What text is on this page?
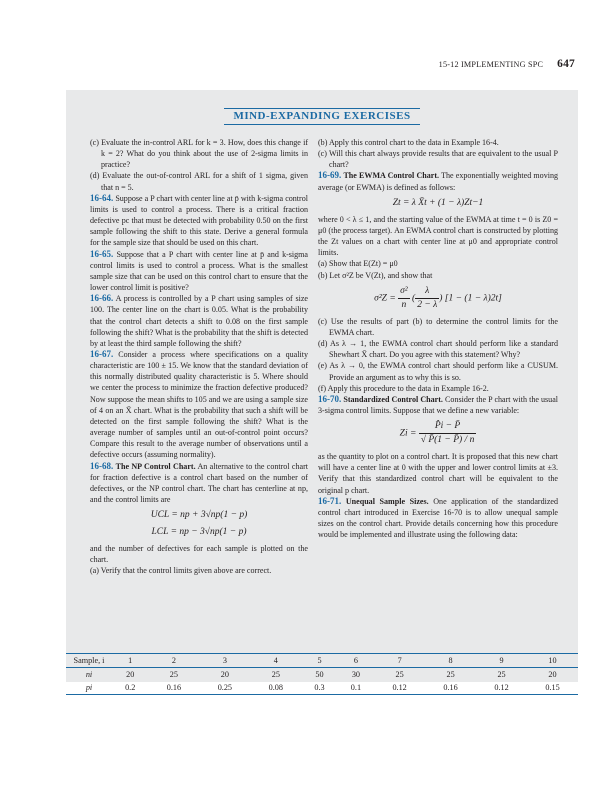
15-12 IMPLEMENTING SPC 647
MIND-EXPANDING EXERCISES

(c) Evaluate the in-control ARL for k = 3. How, does this change if k = 2? What do you think about the use of 2-sigma limits in practice?

(d) Evaluate the out-of-control ARL for a shift of 1 sigma, given that n = 5.

16-64. Suppose a P chart with center line at p̄ with k-sigma control limits is used to control a process. There is a critical fraction defective pc that must be detected with probability 0.50 on the first sample following the shift to this state. Derive a general formula for the sample size that should be used on this chart.

16-65. Suppose that a P chart with center line at p̄ and k-sigma control limits is used to control a process. What is the smallest sample size that can be used on this control chart to ensure that the lower control limit is positive?

16-66. A process is controlled by a P chart using samples of size 100. The center line on the chart is 0.05. What is the probability that the control chart detects a shift to 0.08 on the first sample following the shift? What is the probability that the shift is detected by at least the third sample following the shift?

16-67. Consider a process where specifications on a quality characteristic are 100 ± 15. We know that the standard deviation of this normally distributed quality characteristic is 5. Where should we center the process to minimize the fraction defective produced? Now suppose the mean shifts to 105 and we are using a sample size of 4 on an X̄ chart. What is the probability that such a shift will be detected on the first sample following the shift? What is the average number of samples until an out-of-control point occurs? Compare this result to the average number of observations until a defective occurs (assuming normality).

16-68. The NP Control Chart. An alternative to the control chart for fraction defective is a control chart based on the number of defectives, or the NP control chart. The chart has centerline at np, and the control limits are

UCL = np + 3√np(1 − p)
LCL = np − 3√np(1 − p)

and the number of defectives for each sample is plotted on the chart.

(a) Verify that the control limits given above are correct.

(b) Apply this control chart to the data in Example 16-4.

(c) Will this chart always provide results that are equivalent to the usual P chart?

16-69. The EWMA Control Chart. The exponentially weighted moving average (or EWMA) is defined as follows:

Zt = λ X̄t + (1 − λ)Zt−1

where 0 < λ ≤ 1, and the starting value of the EWMA at time t = 0 is Z0 = μ0 (the process target). An EWMA control chart is constructed by plotting the Zt values on a chart with center line at μ0 and appropriate control limits.

(a) Show that E(Zt) = μ0

(b) Let σ²Z be V(Zt), and show that

$\sigma^2Z = \frac{\text{σ²}}{n}$ ( $\frac{\lambda}{2 - \lambda}$ ) [1 − (1 − λ)2t]

(c) Use the results of part (b) to determine the control limits for the EWMA chart.

(d) As λ → 1, the EWMA control chart should perform like a standard Shewhart X̄ chart. Do you agree with this statement? Why?

(e) As λ → 0, the EWMA control chart should perform like a CUSUM. Provide an argument as to why this is so.

(f) Apply this procedure to the data in Example 16-2.

16-70. Standardized Control Chart. Consider the P chart with the usual 3-sigma control limits. Suppose that we define a new variable:

$Zi = \frac{P̂i - P̄}{√ P̄(1 - P̄) / n}$

as the quantity to plot on a control chart. It is proposed that this new chart will have a center line at 0 with the upper and lower control limits at ±3. Verify that this standardized control chart will be equivalent to the original p chart.

16-71. Unequal Sample Sizes. One application of the standardized control chart introduced in Exercise 16-70 is to allow unequal sample sizes on the control chart. Provide details concerning how this procedure would be implemented and illustrate using the following data:

Sample, i	1	2	3	4	5	6	7	8	9	10
ni	20	25	20	25	50	30	25	25	25	20
pi	0.2	0.16	0.25	0.08	0.3	0.1	0.12	0.16	0.12	0.15
